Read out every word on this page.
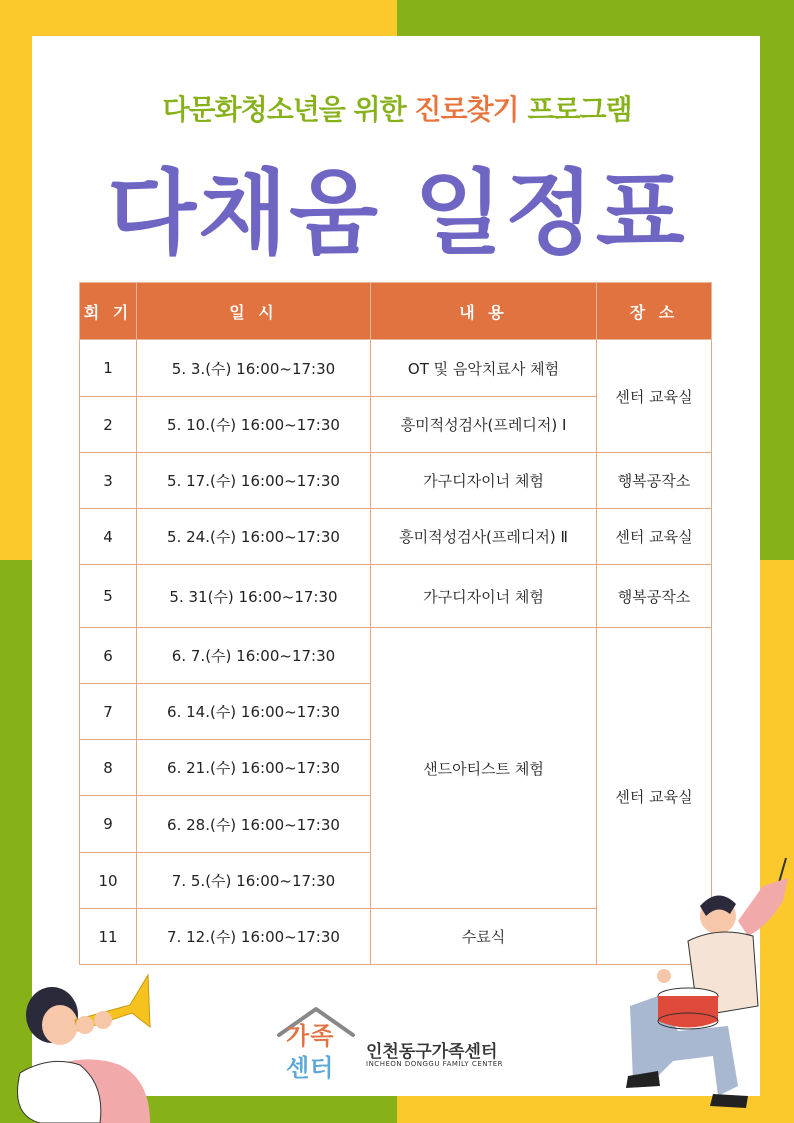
다문화청소년을 위한 진로찾기 프로그램
다채움 일정표
회 기	일 시	내 용	장 소
1	5. 3.(수) 16:00~17:30	OT 및 음악치료사 체험	센터 교육실
2	5. 10.(수) 16:00~17:30	흥미적성검사(프레디저) Ⅰ	
3	5. 17.(수) 16:00~17:30	가구디자이너 체험	행복공작소
4	5. 24.(수) 16:00~17:30	흥미적성검사(프레디저) Ⅱ	센터 교육실
5	5. 31(수) 16:00~17:30	가구디자이너 체험	행복공작소
6	6. 7.(수) 16:00~17:30	샌드아티스트 체험	센터 교육실
7	6. 14.(수) 16:00~17:30		
8	6. 21.(수) 16:00~17:30		
9	6. 28.(수) 16:00~17:30		
10	7. 5.(수) 16:00~17:30		
11	7. 12.(수) 16:00~17:30	수료식	
가족
센터
인천동구가족센터
INCHEON DONGGU FAMILY CENTER
